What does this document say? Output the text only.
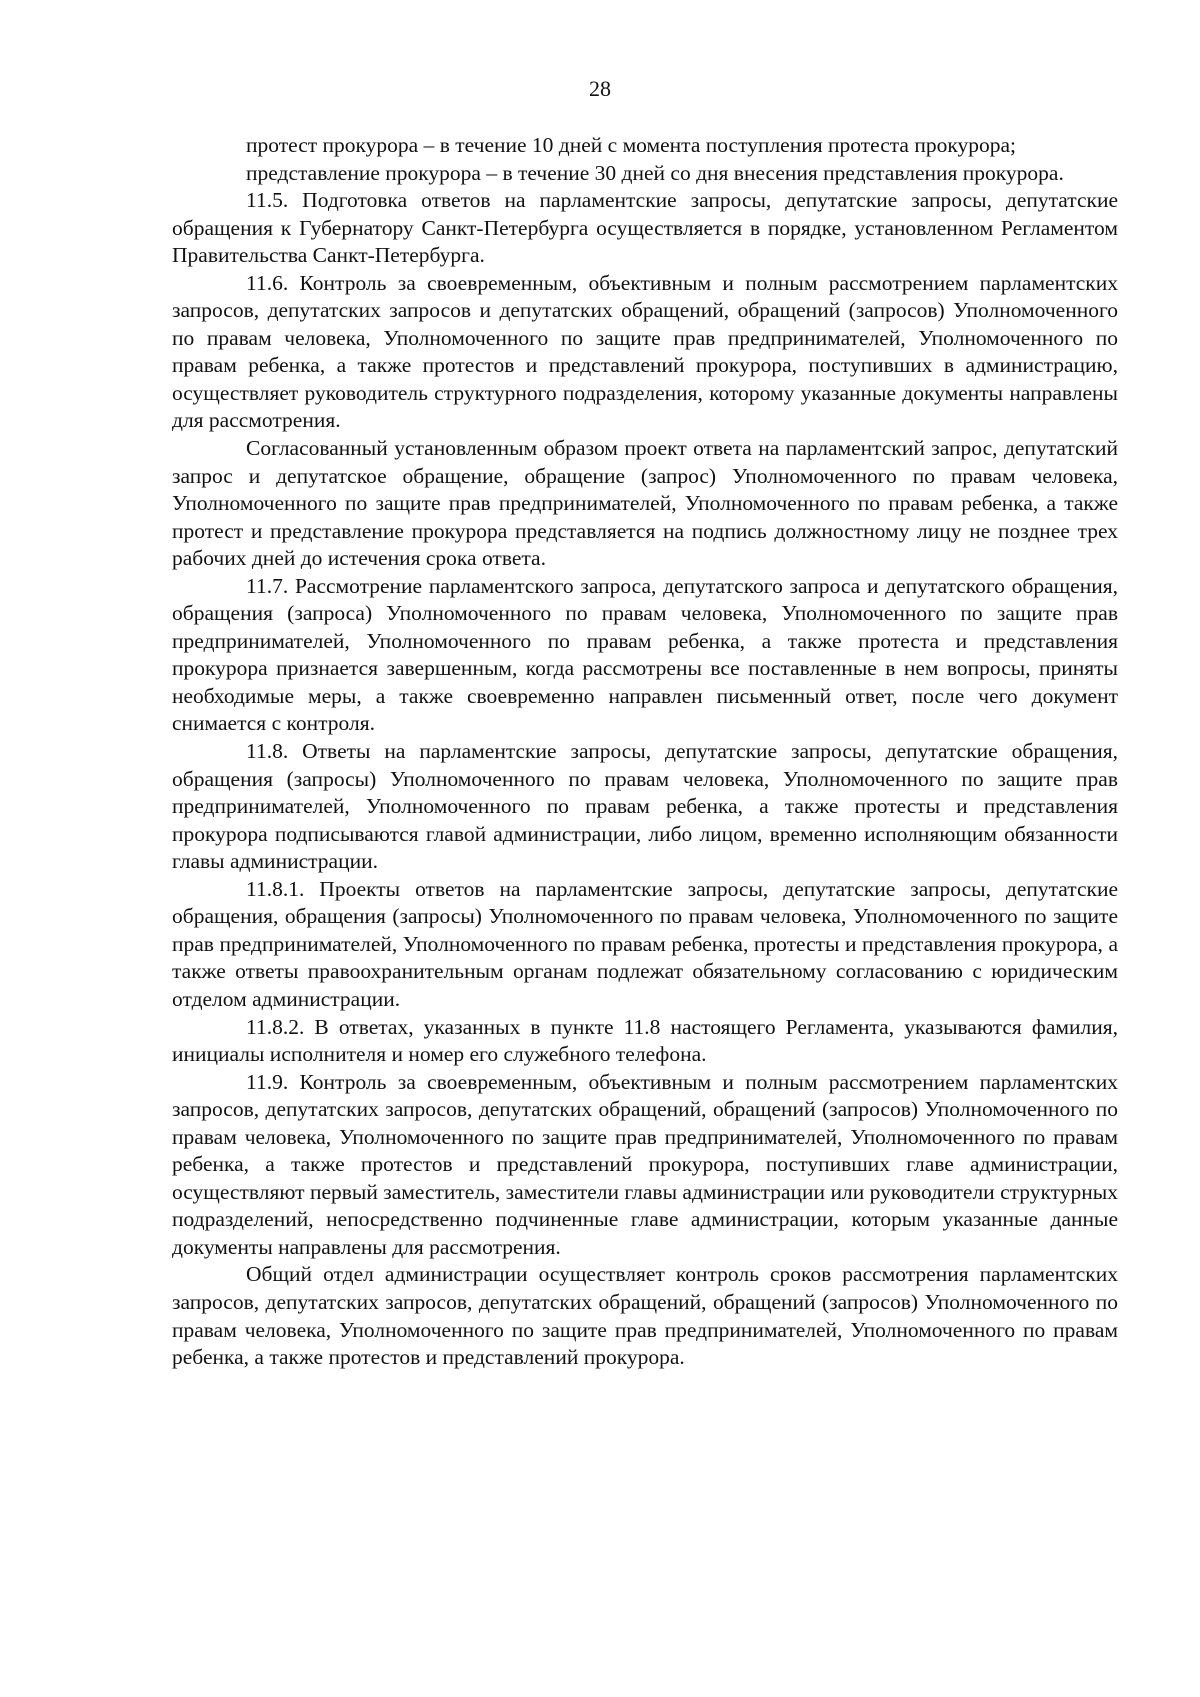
28

протест прокурора – в течение 10 дней с момента поступления протеста прокурора;

представление прокурора – в течение 30 дней со дня внесения представления прокурора.

11.5. Подготовка ответов на парламентские запросы, депутатские запросы, депутатские обращения к Губернатору Санкт-Петербурга осуществляется в порядке, установленном Регламентом Правительства Санкт-Петербурга.

11.6. Контроль за своевременным, объективным и полным рассмотрением парламентских запросов, депутатских запросов и депутатских обращений, обращений (запросов) Уполномоченного по правам человека, Уполномоченного по защите прав предпринимателей, Уполномоченного по правам ребенка, а также протестов и представлений прокурора, поступивших в администрацию, осуществляет руководитель структурного подразделения, которому указанные документы направлены для рассмотрения.

Согласованный установленным образом проект ответа на парламентский запрос, депутатский запрос и депутатское обращение, обращение (запрос) Уполномоченного по правам человека, Уполномоченного по защите прав предпринимателей, Уполномоченного по правам ребенка, а также протест и представление прокурора представляется на подпись должностному лицу не позднее трех рабочих дней до истечения срока ответа.

11.7. Рассмотрение парламентского запроса, депутатского запроса и депутатского обращения, обращения (запроса) Уполномоченного по правам человека, Уполномоченного по защите прав предпринимателей, Уполномоченного по правам ребенка, а также протеста и представления прокурора признается завершенным, когда рассмотрены все поставленные в нем вопросы, приняты необходимые меры, а также своевременно направлен письменный ответ, после чего документ снимается с контроля.

11.8. Ответы на парламентские запросы, депутатские запросы, депутатские обращения, обращения (запросы) Уполномоченного по правам человека, Уполномоченного по защите прав предпринимателей, Уполномоченного по правам ребенка, а также протесты и представления прокурора подписываются главой администрации, либо лицом, временно исполняющим обязанности главы администрации.

11.8.1. Проекты ответов на парламентские запросы, депутатские запросы, депутатские обращения, обращения (запросы) Уполномоченного по правам человека, Уполномоченного по защите прав предпринимателей, Уполномоченного по правам ребенка, протесты и представления прокурора, а также ответы правоохранительным органам подлежат обязательному согласованию с юридическим отделом администрации.

11.8.2. В ответах, указанных в пункте 11.8 настоящего Регламента, указываются фамилия, инициалы исполнителя и номер его служебного телефона.

11.9. Контроль за своевременным, объективным и полным рассмотрением парламентских запросов, депутатских запросов, депутатских обращений, обращений (запросов) Уполномоченного по правам человека, Уполномоченного по защите прав предпринимателей, Уполномоченного по правам ребенка, а также протестов и представлений прокурора, поступивших главе администрации, осуществляют первый заместитель, заместители главы администрации или руководители структурных подразделений, непосредственно подчиненные главе администрации, которым указанные данные документы направлены для рассмотрения.

Общий отдел администрации осуществляет контроль сроков рассмотрения парламентских запросов, депутатских запросов, депутатских обращений, обращений (запросов) Уполномоченного по правам человека, Уполномоченного по защите прав предпринимателей, Уполномоченного по правам ребенка, а также протестов и представлений прокурора.
